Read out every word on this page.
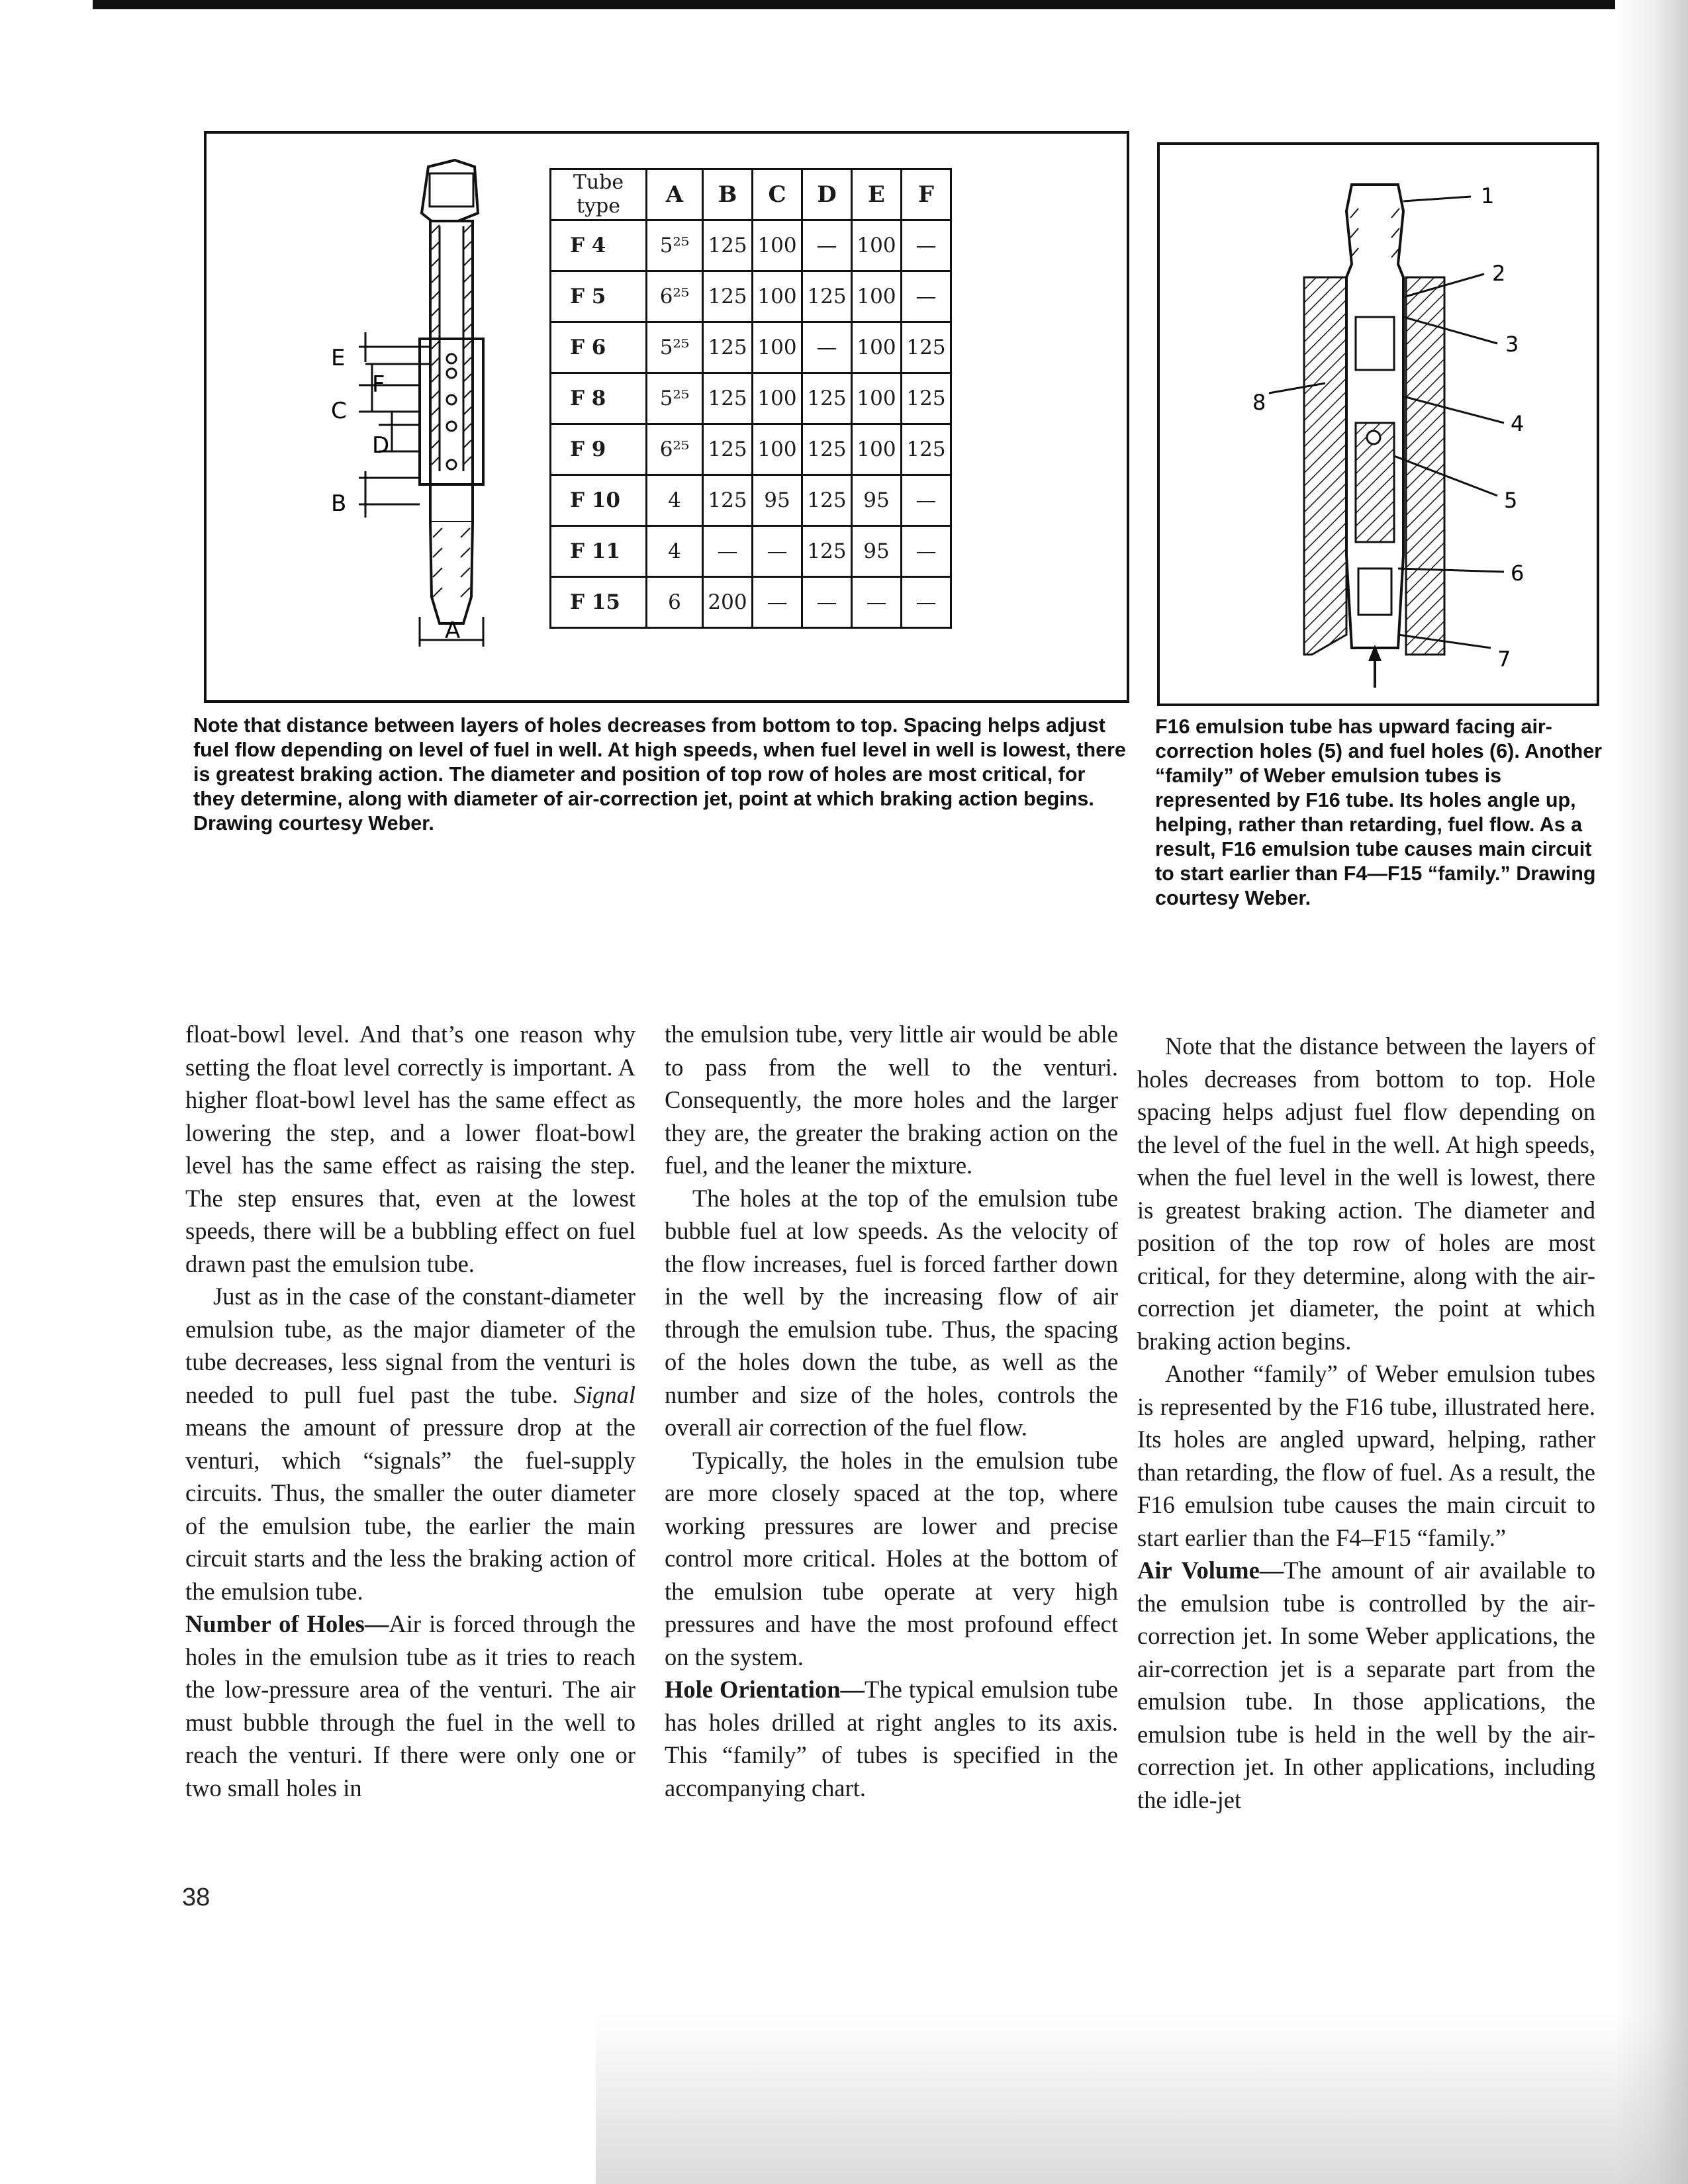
E
F
C
D
B
A
Tube type	A	B	C	D	E	F
F 4	5²⁵	125	100	—	100	—
F 5	6²⁵	125	100	125	100	—
F 6	5²⁵	125	100	—	100	125
F 8	5²⁵	125	100	125	100	125
F 9	6²⁵	125	100	125	100	125
F 10	4	125	95	125	95	—
F 11	4	—	—	125	95	—
F 15	6	200	—	—	—	—
1
2
3
4
5
6
7
8

Note that distance between layers of holes decreases from bottom to top. Spacing helps adjust fuel flow depending on level of fuel in well. At high speeds, when fuel level in well is lowest, there is greatest braking action. The diameter and position of top row of holes are most critical, for they determine, along with diameter of air-correction jet, point at which braking action begins. Drawing courtesy Weber.

F16 emulsion tube has upward facing air-correction holes (5) and fuel holes (6). Another “family” of Weber emulsion tubes is represented by F16 tube. Its holes angle up, helping, rather than retarding, fuel flow. As a result, F16 emulsion tube causes main circuit to start earlier than F4—F15 “family.” Drawing courtesy Weber.

float-bowl level. And that’s one reason why setting the float level correctly is important. A higher float-bowl level has the same effect as lowering the step, and a lower float-bowl level has the same effect as raising the step. The step ensures that, even at the lowest speeds, there will be a bubbling effect on fuel drawn past the emulsion tube.

Just as in the case of the constant-diameter emulsion tube, as the major diameter of the tube decreases, less signal from the venturi is needed to pull fuel past the tube. Signal means the amount of pressure drop at the venturi, which “signals” the fuel-supply circuits. Thus, the smaller the outer diameter of the emulsion tube, the earlier the main circuit starts and the less the braking action of the emulsion tube.

Number of Holes—Air is forced through the holes in the emulsion tube as it tries to reach the low-pressure area of the venturi. The air must bubble through the fuel in the well to reach the venturi. If there were only one or two small holes in

the emulsion tube, very little air would be able to pass from the well to the venturi. Consequently, the more holes and the larger they are, the greater the braking action on the fuel, and the leaner the mixture.

The holes at the top of the emulsion tube bubble fuel at low speeds. As the velocity of the flow increases, fuel is forced farther down in the well by the increasing flow of air through the emulsion tube. Thus, the spacing of the holes down the tube, as well as the number and size of the holes, controls the overall air correction of the fuel flow.

Typically, the holes in the emulsion tube are more closely spaced at the top, where working pressures are lower and precise control more critical. Holes at the bottom of the emulsion tube operate at very high pressures and have the most profound effect on the system.

Hole Orientation—The typical emulsion tube has holes drilled at right angles to its axis. This “family” of tubes is specified in the accompanying chart.

Note that the distance between the layers of holes decreases from bottom to top. Hole spacing helps adjust fuel flow depending on the level of the fuel in the well. At high speeds, when the fuel level in the well is lowest, there is greatest braking action. The diameter and position of the top row of holes are most critical, for they determine, along with the air-correction jet diameter, the point at which braking action begins.

Another “family” of Weber emulsion tubes is represented by the F16 tube, illustrated here. Its holes are angled upward, helping, rather than retarding, the flow of fuel. As a result, the F16 emulsion tube causes the main circuit to start earlier than the F4–F15 “family.”

Air Volume—The amount of air available to the emulsion tube is controlled by the air-correction jet. In some Weber applications, the air-correction jet is a separate part from the emulsion tube. In those applications, the emulsion tube is held in the well by the air-correction jet. In other applications, including the idle-jet

38
